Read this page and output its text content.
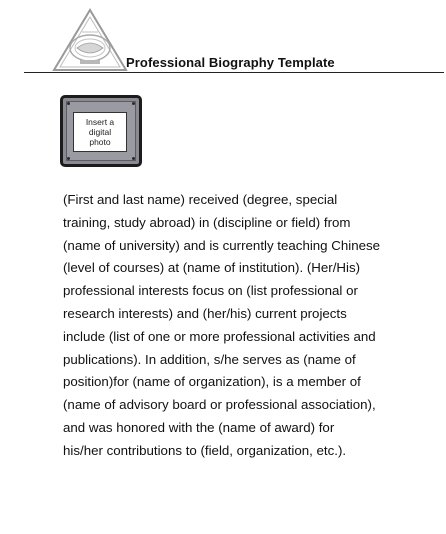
Professional Biography Template
Insert a
digital
photo

(First and last name) received (degree, special
training, study abroad) in (discipline or field) from
(name of university) and is currently teaching Chinese
(level of courses) at (name of institution). (Her/His)
professional interests focus on (list professional or
research interests) and (her/his) current projects
include (list of one or more professional activities and
publications). In addition, s/he serves as (name of
position)for (name of organization), is a member of
(name of advisory board or professional association),
and was honored with the (name of award) for
his/her contributions to (field, organization, etc.).
